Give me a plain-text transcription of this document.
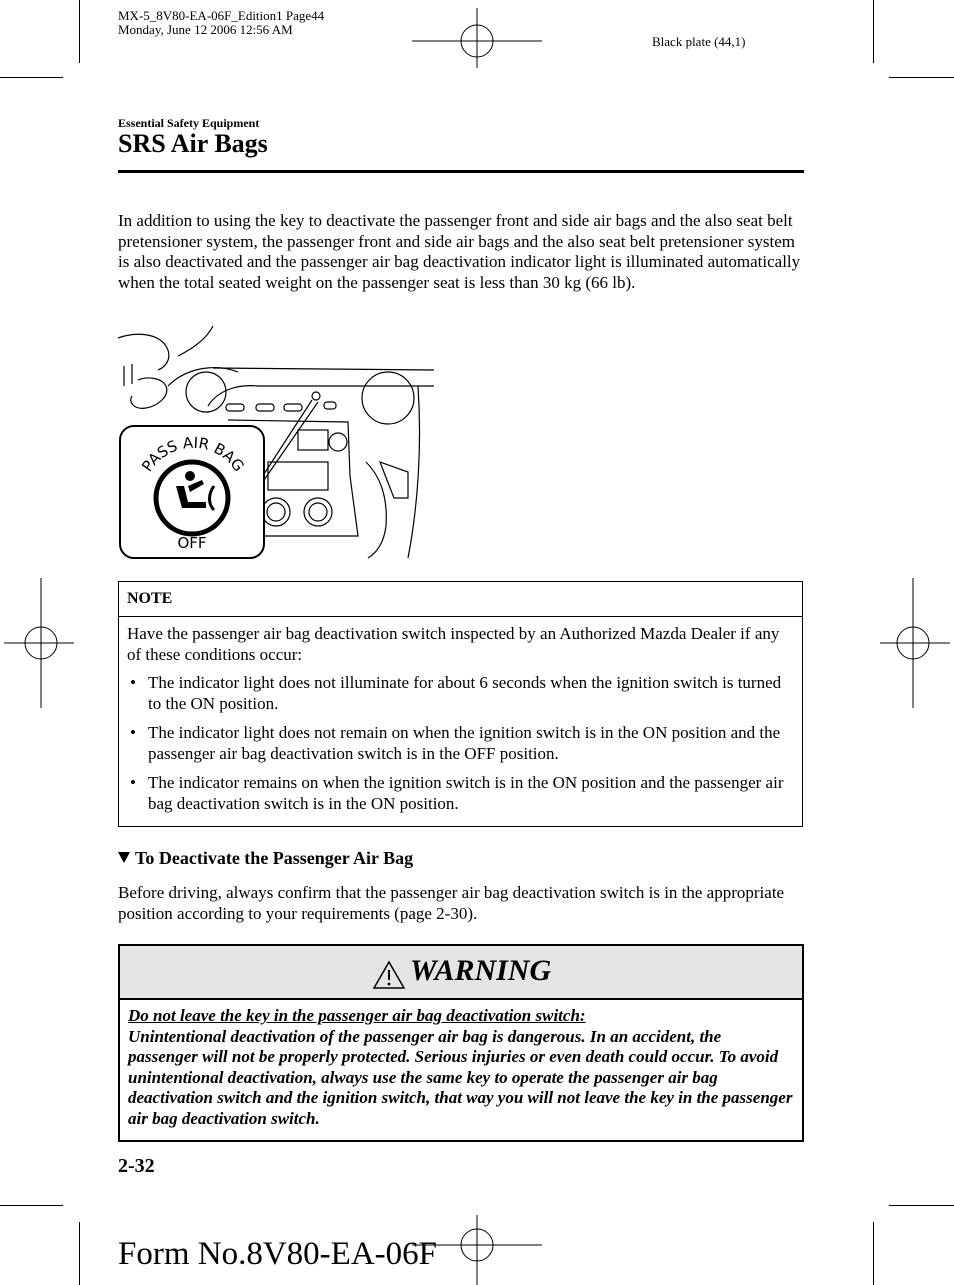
MX-5_8V80-EA-06F_Edition1 Page44
Monday, June 12 2006 12:56 AM
Black plate (44,1)
Essential Safety Equipment
SRS Air Bags
In addition to using the key to deactivate the passenger front and side air bags and the also seat belt pretensioner system, the passenger front and side air bags and the also seat belt pretensioner system is also deactivated and the passenger air bag deactivation indicator light is illuminated automatically when the total seated weight on the passenger seat is less than 30 kg (66 lb).
PASS AIR BAG
OFF
NOTE
Have the passenger air bag deactivation switch inspected by an Authorized Mazda Dealer if any of these conditions occur:
• The indicator light does not illuminate for about 6 seconds when the ignition switch is turned to the ON position.
• The indicator light does not remain on when the ignition switch is in the ON position and the passenger air bag deactivation switch is in the OFF position.
• The indicator remains on when the ignition switch is in the ON position and the passenger air bag deactivation switch is in the ON position.
To Deactivate the Passenger Air Bag
Before driving, always confirm that the passenger air bag deactivation switch is in the appropriate position according to your requirements (page 2-30).
WARNING
Do not leave the key in the passenger air bag deactivation switch:
Unintentional deactivation of the passenger air bag is dangerous. In an accident, the passenger will not be properly protected. Serious injuries or even death could occur. To avoid unintentional deactivation, always use the same key to operate the passenger air bag deactivation switch and the ignition switch, that way you will not leave the key in the passenger air bag deactivation switch.
2-32
Form No.8V80-EA-06F
